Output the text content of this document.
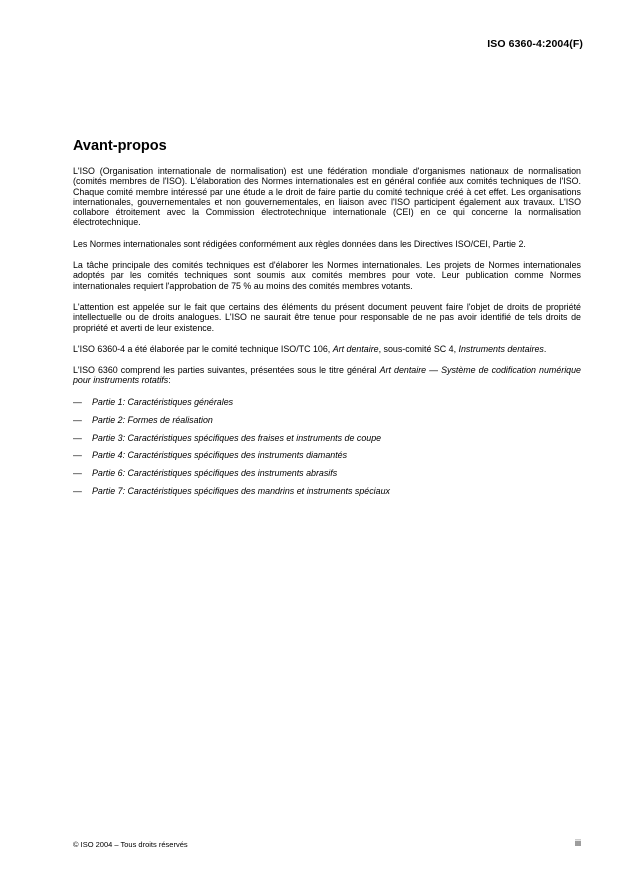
ISO 6360-4:2004(F)
Avant-propos

L'ISO (Organisation internationale de normalisation) est une fédération mondiale d'organismes nationaux de normalisation (comités membres de l'ISO). L'élaboration des Normes internationales est en général confiée aux comités techniques de l'ISO. Chaque comité membre intéressé par une étude a le droit de faire partie du comité technique créé à cet effet. Les organisations internationales, gouvernementales et non gouvernementales, en liaison avec l'ISO participent également aux travaux. L'ISO collabore étroitement avec la Commission électrotechnique internationale (CEI) en ce qui concerne la normalisation électrotechnique.

Les Normes internationales sont rédigées conformément aux règles données dans les Directives ISO/CEI, Partie 2.

La tâche principale des comités techniques est d'élaborer les Normes internationales. Les projets de Normes internationales adoptés par les comités techniques sont soumis aux comités membres pour vote. Leur publication comme Normes internationales requiert l'approbation de 75 % au moins des comités membres votants.

L'attention est appelée sur le fait que certains des éléments du présent document peuvent faire l'objet de droits de propriété intellectuelle ou de droits analogues. L'ISO ne saurait être tenue pour responsable de ne pas avoir identifié de tels droits de propriété et averti de leur existence.

L'ISO 6360-4 a été élaborée par le comité technique ISO/TC 106, Art dentaire, sous-comité SC 4, Instruments dentaires.

L'ISO 6360 comprend les parties suivantes, présentées sous le titre général Art dentaire — Système de codification numérique pour instruments rotatifs:

—	Partie 1: Caractéristiques générales
—	Partie 2: Formes de réalisation
—	Partie 3: Caractéristiques spécifiques des fraises et instruments de coupe
—	Partie 4: Caractéristiques spécifiques des instruments diamantés
—	Partie 6: Caractéristiques spécifiques des instruments abrasifs
—	Partie 7: Caractéristiques spécifiques des mandrins et instruments spéciaux
© ISO 2004 – Tous droits réservés	iii
